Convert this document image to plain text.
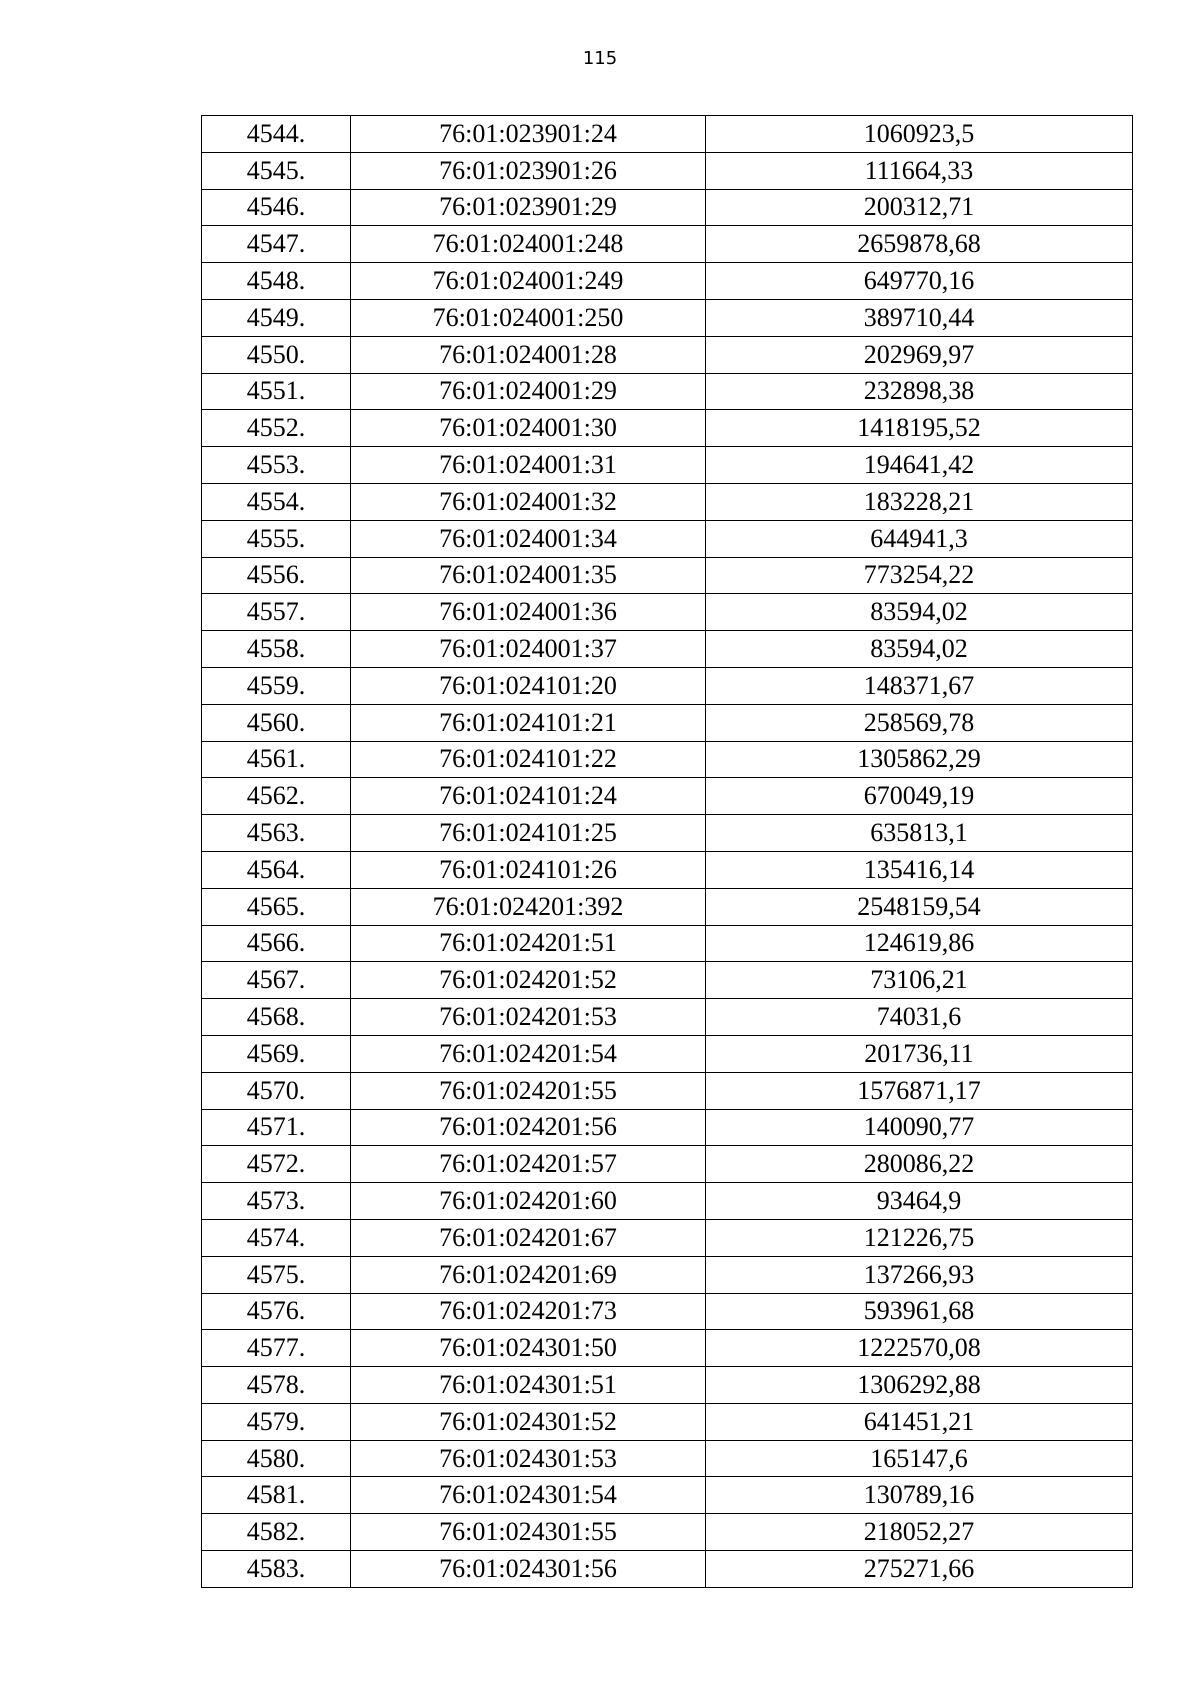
115
4544.	76:01:023901:24	1060923,5
4545.	76:01:023901:26	111664,33
4546.	76:01:023901:29	200312,71
4547.	76:01:024001:248	2659878,68
4548.	76:01:024001:249	649770,16
4549.	76:01:024001:250	389710,44
4550.	76:01:024001:28	202969,97
4551.	76:01:024001:29	232898,38
4552.	76:01:024001:30	1418195,52
4553.	76:01:024001:31	194641,42
4554.	76:01:024001:32	183228,21
4555.	76:01:024001:34	644941,3
4556.	76:01:024001:35	773254,22
4557.	76:01:024001:36	83594,02
4558.	76:01:024001:37	83594,02
4559.	76:01:024101:20	148371,67
4560.	76:01:024101:21	258569,78
4561.	76:01:024101:22	1305862,29
4562.	76:01:024101:24	670049,19
4563.	76:01:024101:25	635813,1
4564.	76:01:024101:26	135416,14
4565.	76:01:024201:392	2548159,54
4566.	76:01:024201:51	124619,86
4567.	76:01:024201:52	73106,21
4568.	76:01:024201:53	74031,6
4569.	76:01:024201:54	201736,11
4570.	76:01:024201:55	1576871,17
4571.	76:01:024201:56	140090,77
4572.	76:01:024201:57	280086,22
4573.	76:01:024201:60	93464,9
4574.	76:01:024201:67	121226,75
4575.	76:01:024201:69	137266,93
4576.	76:01:024201:73	593961,68
4577.	76:01:024301:50	1222570,08
4578.	76:01:024301:51	1306292,88
4579.	76:01:024301:52	641451,21
4580.	76:01:024301:53	165147,6
4581.	76:01:024301:54	130789,16
4582.	76:01:024301:55	218052,27
4583.	76:01:024301:56	275271,66
